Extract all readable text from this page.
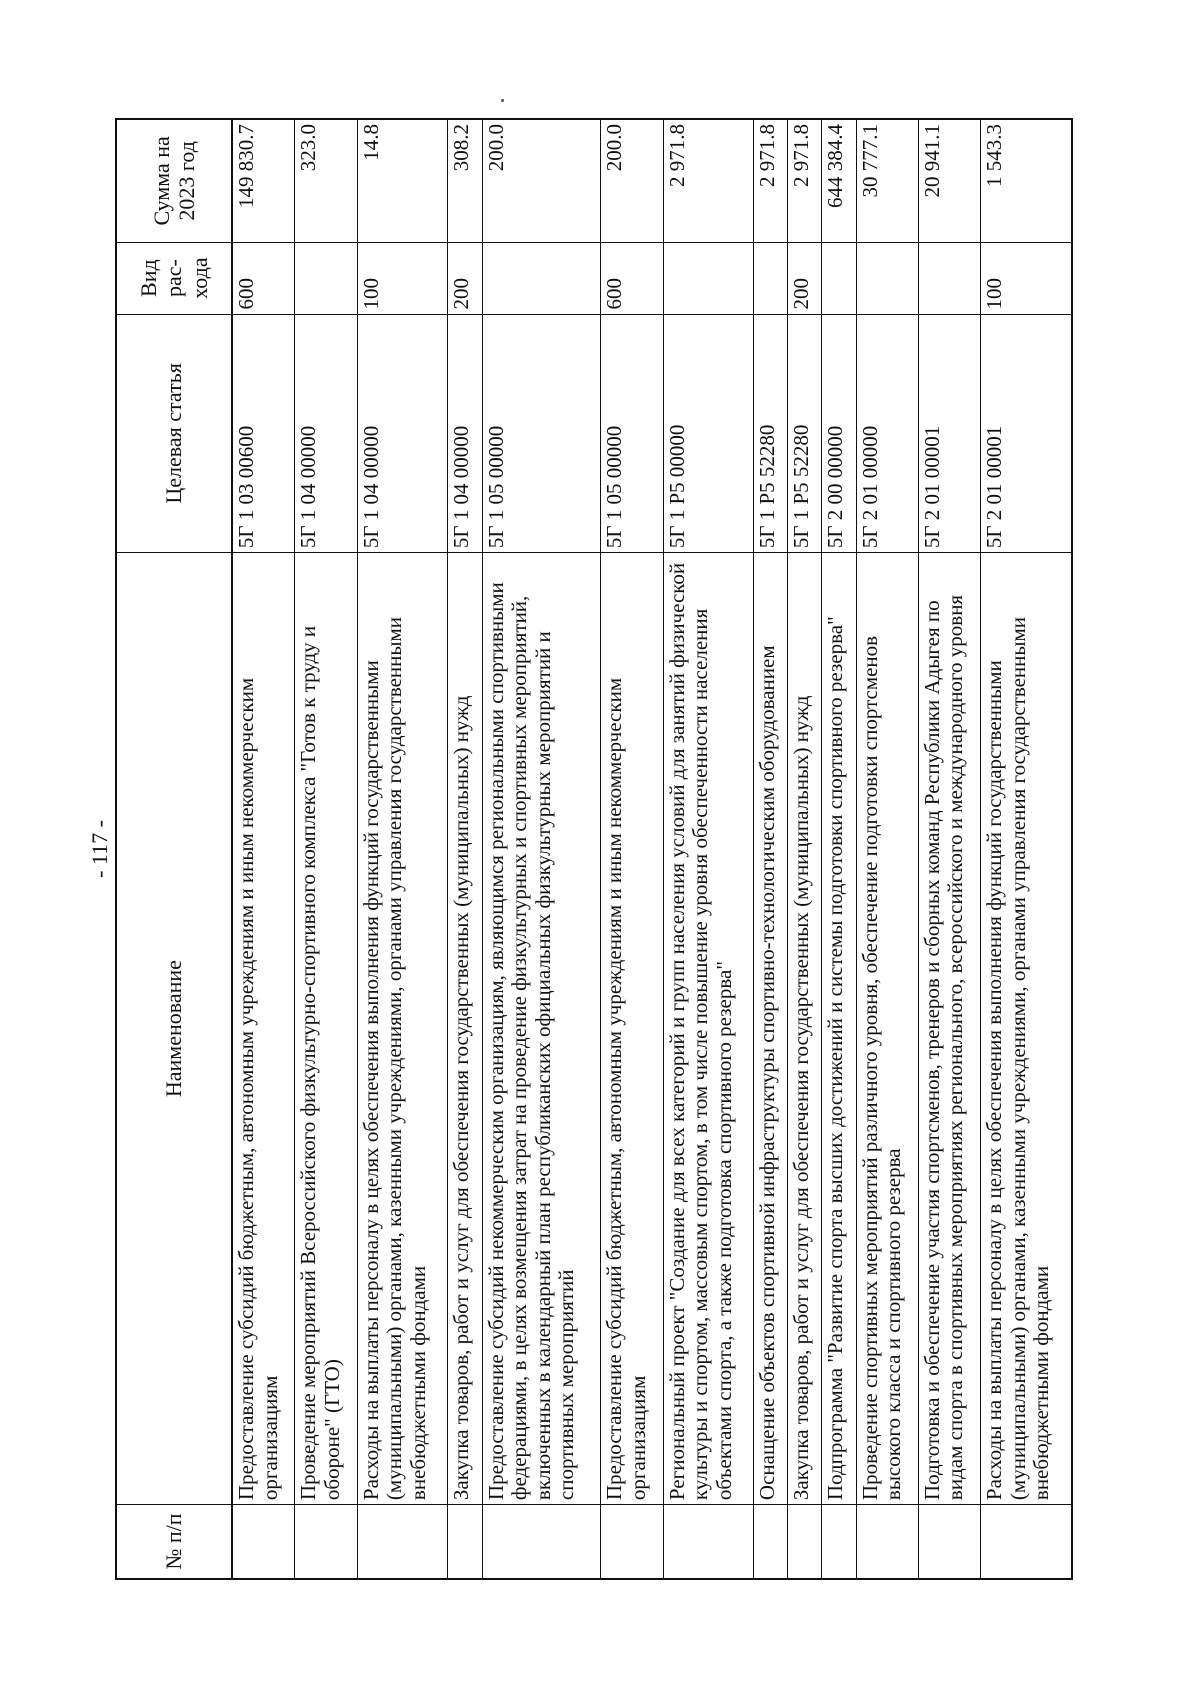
- 117 -
№ п/п	Наименование	Целевая статья	Вид рас-хода	Сумма на 2023 год
	Предоставление субсидий бюджетным, автономным учреждениям и иным некоммерческим организациям	5Г 1 03 00600	600	149 830.7
	Проведение мероприятий Всероссийского физкультурно-спортивного комплекса "Готов к труду и обороне" (ГТО)	5Г 1 04 00000		323.0
	Расходы на выплаты персоналу в целях обеспечения выполнения функций государственными (муниципальными) органами, казенными учреждениями, органами управления государственными внебюджетными фондами	5Г 1 04 00000	100	14.8
	Закупка товаров, работ и услуг для обеспечения государственных (муниципальных) нужд	5Г 1 04 00000	200	308.2
	Предоставление субсидий некоммерческим организациям, являющимся региональными спортивными федерациями, в целях возмещения затрат на проведение физкультурных и спортивных мероприятий, включенных в календарный план республиканских официальных физкультурных мероприятий и спортивных мероприятий	5Г 1 05 00000		200.0
	Предоставление субсидий бюджетным, автономным учреждениям и иным некоммерческим организациям	5Г 1 05 00000	600	200.0
	Региональный проект "Создание для всех категорий и групп населения условий для занятий физической культуры и спортом, массовым спортом, в том числе повышение уровня обеспеченности населения объектами спорта, а также подготовка спортивного резерва"	5Г 1 Р5 00000		2 971.8
	Оснащение объектов спортивной инфраструктуры спортивно-технологическим оборудованием	5Г 1 Р5 52280		2 971.8
	Закупка товаров, работ и услуг для обеспечения государственных (муниципальных) нужд	5Г 1 Р5 52280	200	2 971.8
	Подпрограмма "Развитие спорта высших достижений и системы подготовки спортивного резерва"	5Г 2 00 00000		644 384.4
	Проведение спортивных мероприятий различного уровня, обеспечение подготовки спортсменов высокого класса и спортивного резерва	5Г 2 01 00000		30 777.1
	Подготовка и обеспечение участия спортсменов, тренеров и сборных команд Республики Адыгея по видам спорта в спортивных мероприятиях регионального, всероссийского и международного уровня	5Г 2 01 00001		20 941.1
	Расходы на выплаты персоналу в целях обеспечения выполнения функций государственными (муниципальными) органами, казенными учреждениями, органами управления государственными внебюджетными фондами	5Г 2 01 00001	100	1 543.3
